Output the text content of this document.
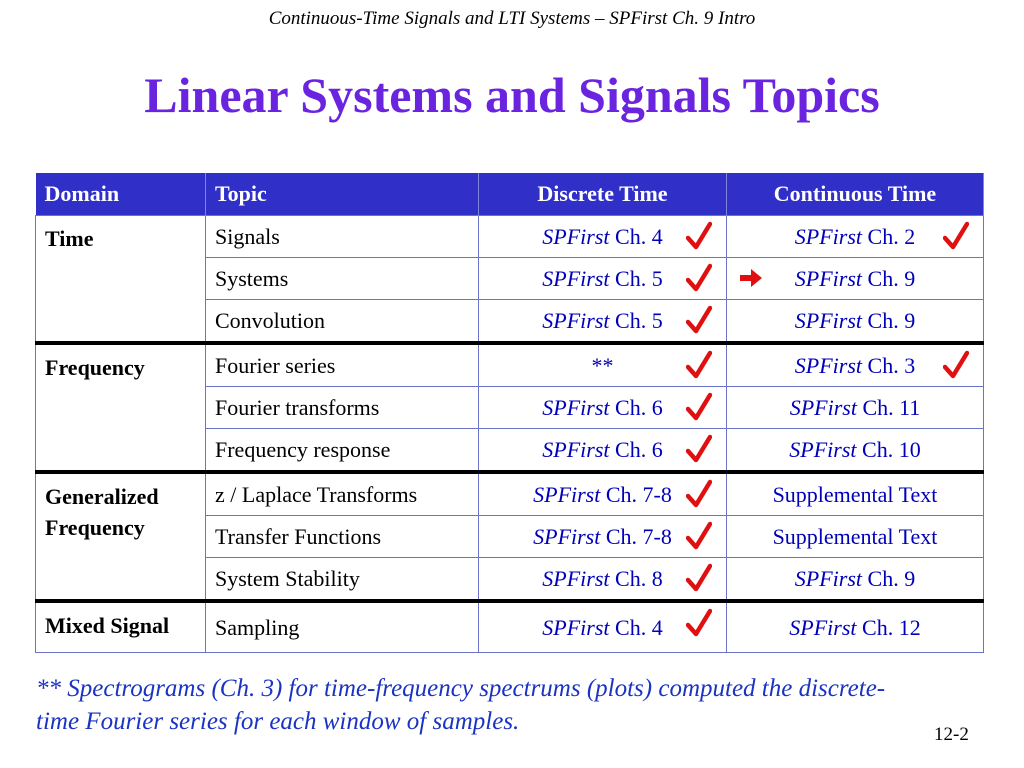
Continuous-Time Signals and LTI Systems – SPFirst Ch. 9 Intro
Linear Systems and Signals Topics
Domain	Topic	Discrete Time	Continuous Time
Time	Signals	SPFirst Ch. 4	SPFirst Ch. 2

	Systems	SPFirst Ch. 5	SPFirst Ch. 9
	Convolution	SPFirst Ch. 5	SPFirst Ch. 9
Frequency	Fourier series	**	SPFirst Ch. 3

	Fourier transforms	SPFirst Ch. 6	SPFirst Ch. 11
	Frequency response	SPFirst Ch. 6	SPFirst Ch. 10
Generalized Frequency	z / Laplace Transforms	SPFirst Ch. 7-8	Supplemental Text
	Transfer Functions	SPFirst Ch. 7-8	Supplemental Text
	System Stability	SPFirst Ch. 8	SPFirst Ch. 9
Mixed Signal	Sampling	SPFirst Ch. 4	SPFirst Ch. 12
** Spectrograms (Ch. 3) for time-frequency spectrums (plots) computed the discrete-time Fourier series for each window of samples.	12-2
